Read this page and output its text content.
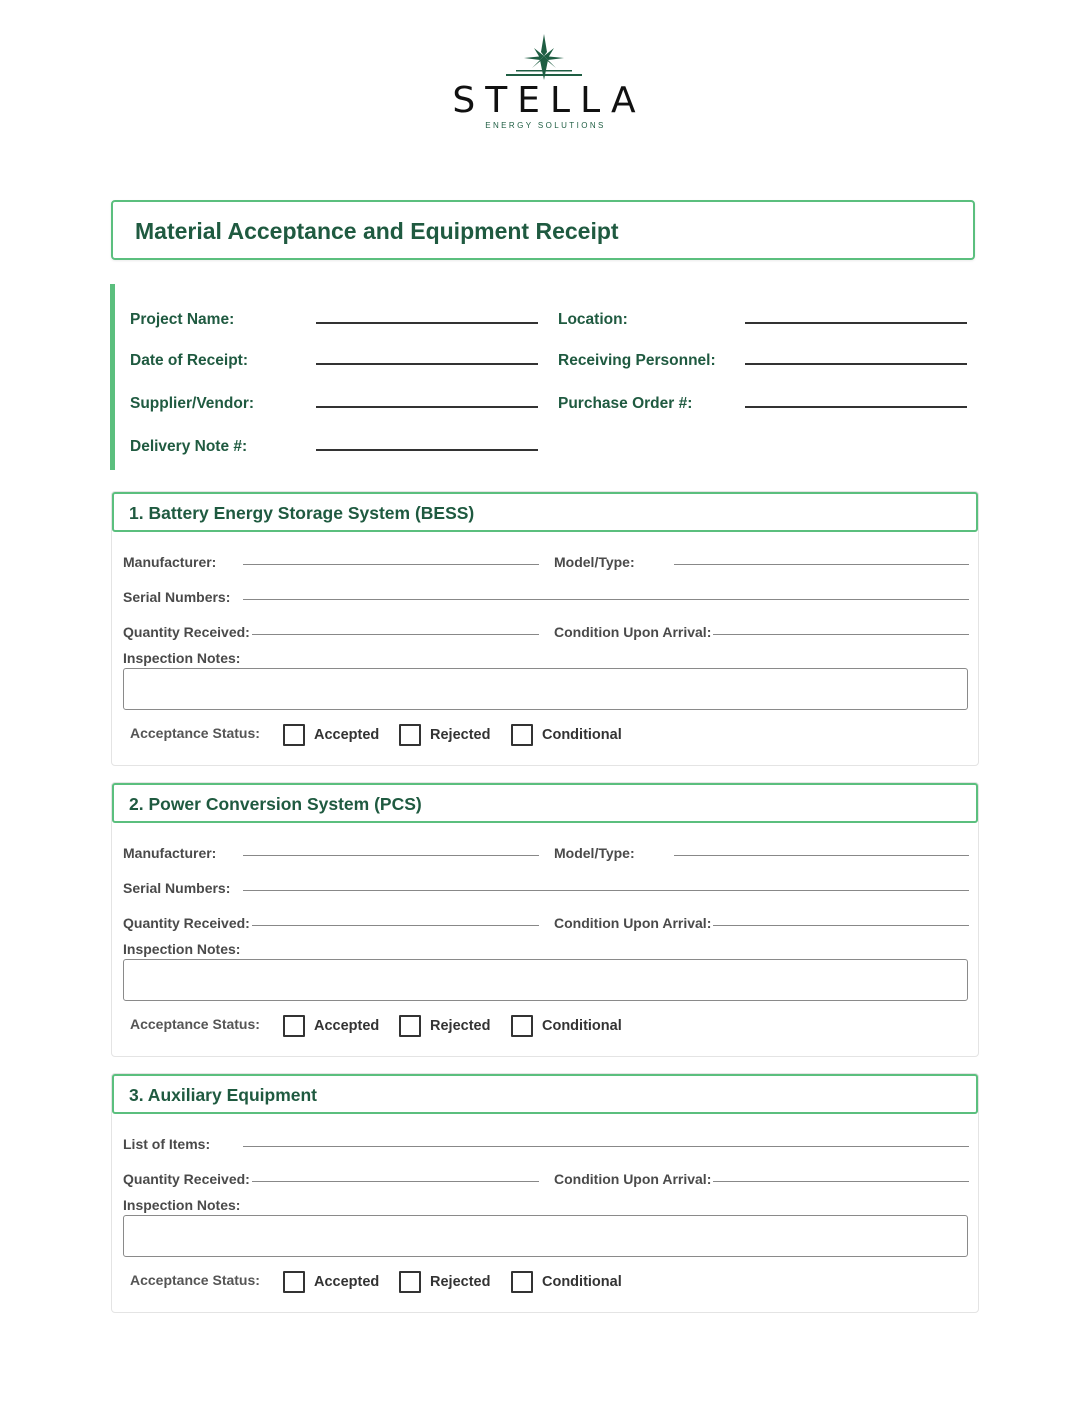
STELLA
ENERGY SOLUTIONS
Material Acceptance and Equipment Receipt
Project Name:	Location:
Date of Receipt:	Receiving Personnel:
Supplier/Vendor:	Purchase Order #:
Delivery Note #:
1. Battery Energy Storage System (BESS)
Manufacturer:	Model/Type:
Serial Numbers:
Quantity Received:	Condition Upon Arrival:
Inspection Notes:
Acceptance Status:	Accepted	Rejected	Conditional
2. Power Conversion System (PCS)
Manufacturer:	Model/Type:
Serial Numbers:
Quantity Received:	Condition Upon Arrival:
Inspection Notes:
Acceptance Status:	Accepted	Rejected	Conditional
3. Auxiliary Equipment
List of Items:
Quantity Received:	Condition Upon Arrival:
Inspection Notes:
Acceptance Status:	Accepted	Rejected	Conditional
